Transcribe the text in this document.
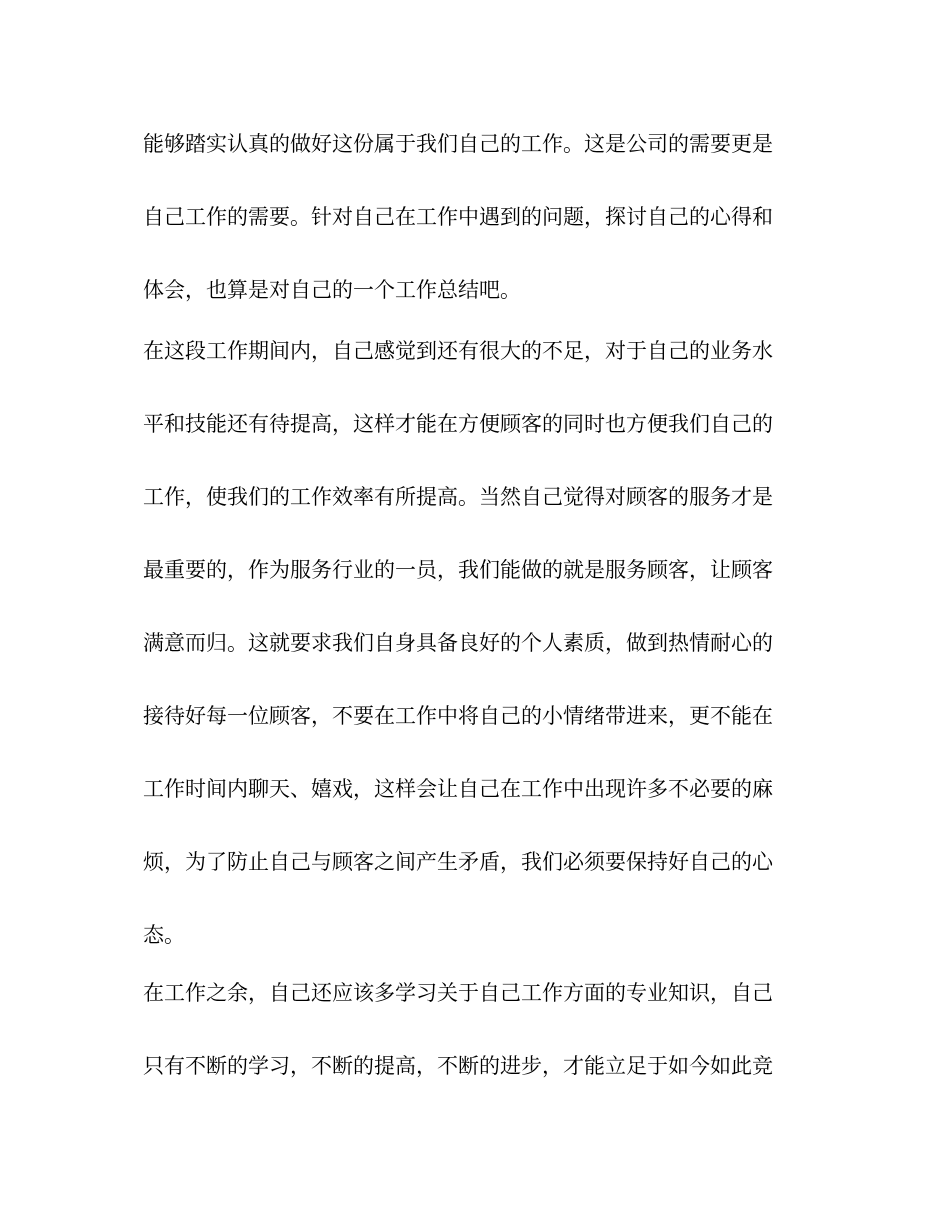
能够踏实认真的做好这份属于我们自己的工作。这是公司的需要更是
自己工作的需要。针对自己在工作中遇到的问题，探讨自己的心得和
体会，也算是对自己的一个工作总结吧。
在这段工作期间内，自己感觉到还有很大的不足，对于自己的业务水
平和技能还有待提高，这样才能在方便顾客的同时也方便我们自己的
工作，使我们的工作效率有所提高。当然自己觉得对顾客的服务才是
最重要的，作为服务行业的一员，我们能做的就是服务顾客，让顾客
满意而归。这就要求我们自身具备良好的个人素质，做到热情耐心的
接待好每一位顾客，不要在工作中将自己的小情绪带进来，更不能在
工作时间内聊天、嬉戏，这样会让自己在工作中出现许多不必要的麻
烦，为了防止自己与顾客之间产生矛盾，我们必须要保持好自己的心
态。
在工作之余，自己还应该多学习关于自己工作方面的专业知识，自己
只有不断的学习，不断的提高，不断的进步，才能立足于如今如此竞
